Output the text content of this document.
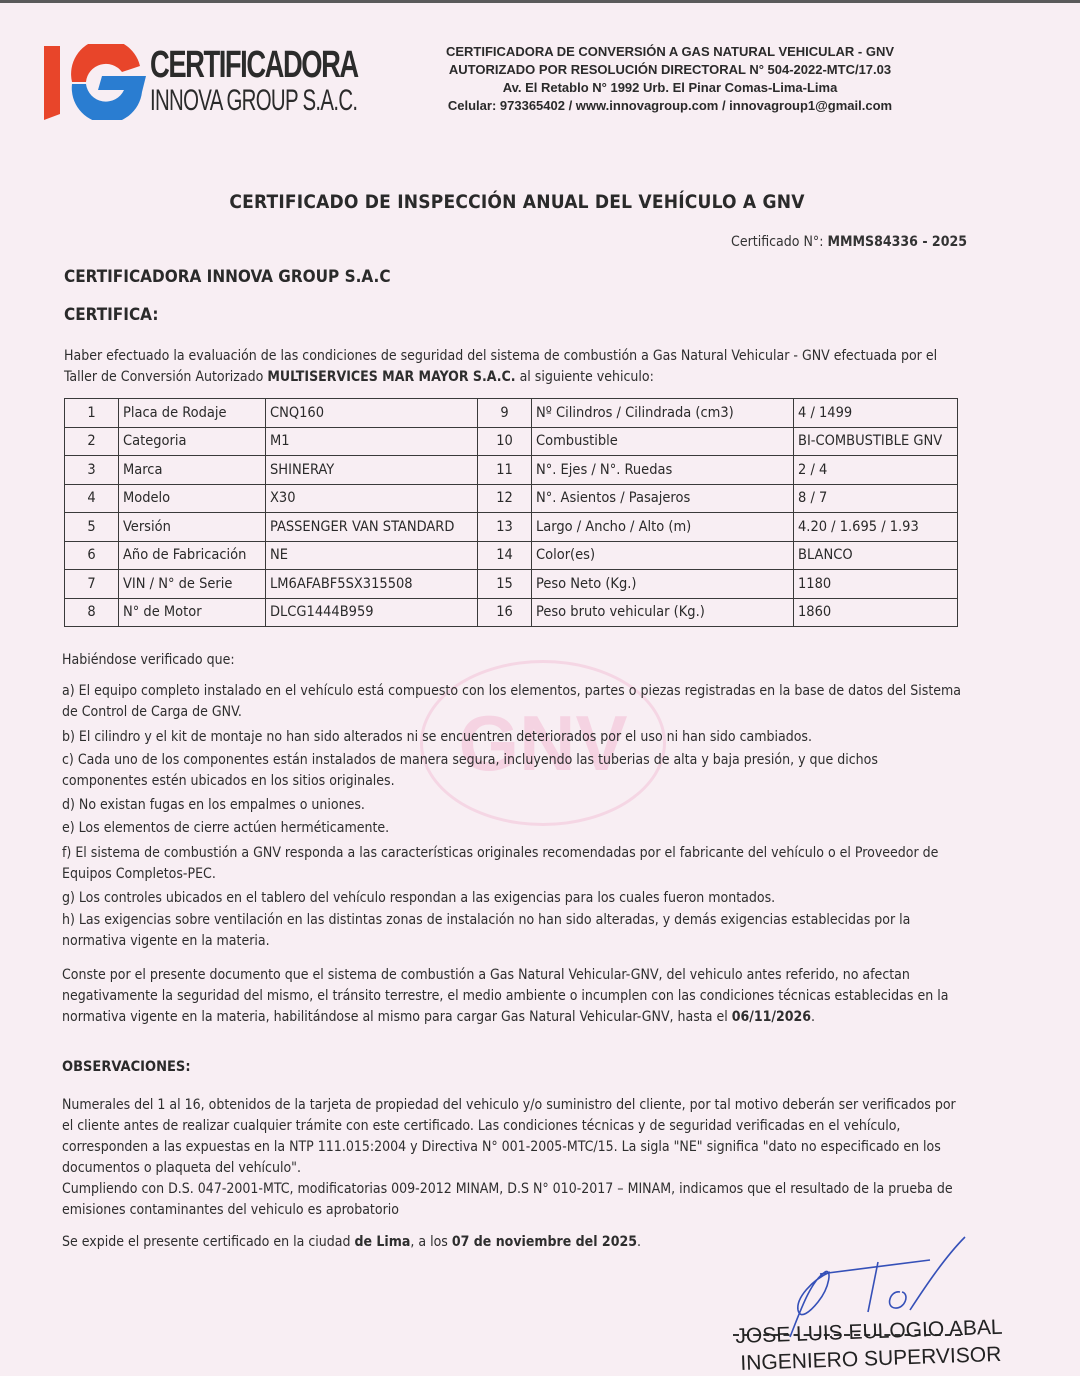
GNV
CERTIFICADORA
INNOVA GROUP S.A.C.
CERTIFICADORA DE CONVERSIÓN A GAS NATURAL VEHICULAR - GNV
AUTORIZADO POR RESOLUCIÓN DIRECTORAL N° 504-2022-MTC/17.03
Av. El Retablo N° 1992 Urb. El Pinar Comas-Lima-Lima
Celular: 973365402 / www.innovagroup.com / innovagroup1@gmail.com
CERTIFICADO DE INSPECCIÓN ANUAL DEL VEHÍCULO A GNV
Certificado N°: MMMS84336 - 2025
CERTIFICADORA INNOVA GROUP S.A.C
CERTIFICA:
Haber efectuado la evaluación de las condiciones de seguridad del sistema de combustión a Gas Natural Vehicular - GNV efectuada por el Taller de Conversión Autorizado MULTISERVICES MAR MAYOR S.A.C. al siguiente vehiculo:
1	Placa de Rodaje	CNQ160	9	Nº Cilindros / Cilindrada (cm3)	4 / 1499
2	Categoria	M1	10	Combustible	BI-COMBUSTIBLE GNV
3	Marca	SHINERAY	11	N°. Ejes / N°. Ruedas	2 / 4
4	Modelo	X30	12	N°. Asientos / Pasajeros	8 / 7
5	Versión	PASSENGER VAN STANDARD	13	Largo / Ancho / Alto (m)	4.20 / 1.695 / 1.93
6	Año de Fabricación	NE	14	Color(es)	BLANCO
7	VIN / N° de Serie	LM6AFABF5SX315508	15	Peso Neto (Kg.)	1180
8	N° de Motor	DLCG1444B959	16	Peso bruto vehicular (Kg.)	1860
Habiéndose verificado que:
a) El equipo completo instalado en el vehículo está compuesto con los elementos, partes o piezas registradas en la base de datos del Sistema de Control de Carga de GNV.
b) El cilindro y el kit de montaje no han sido alterados ni se encuentren deteriorados por el uso ni han sido cambiados.
c) Cada uno de los componentes están instalados de manera segura, incluyendo las tuberias de alta y baja presión, y que dichos componentes estén ubicados en los sitios originales.
d) No existan fugas en los empalmes o uniones.
e) Los elementos de cierre actúen herméticamente.
f) El sistema de combustión a GNV responda a las características originales recomendadas por el fabricante del vehículo o el Proveedor de Equipos Completos-PEC.
g) Los controles ubicados en el tablero del vehículo respondan a las exigencias para los cuales fueron montados.
h) Las exigencias sobre ventilación en las distintas zonas de instalación no han sido alteradas, y demás exigencias establecidas por la normativa vigente en la materia.
Conste por el presente documento que el sistema de combustión a Gas Natural Vehicular-GNV, del vehiculo antes referido, no afectan negativamente la seguridad del mismo, el tránsito terrestre, el medio ambiente o incumplen con las condiciones técnicas establecidas en la normativa vigente en la materia, habilitándose al mismo para cargar Gas Natural Vehicular-GNV, hasta el 06/11/2026.
OBSERVACIONES:
Numerales del 1 al 16, obtenidos de la tarjeta de propiedad del vehiculo y/o suministro del cliente, por tal motivo deberán ser verificados por el cliente antes de realizar cualquier trámite con este certificado. Las condiciones técnicas y de seguridad verificadas en el vehículo, corresponden a las expuestas en la NTP 111.015:2004 y Directiva N° 001-2005-MTC/15. La sigla "NE" significa "dato no especificado en los documentos o plaqueta del vehículo".
Cumpliendo con D.S. 047-2001-MTC, modificatorias 009-2012 MINAM, D.S N° 010-2017 – MINAM, indicamos que el resultado de la prueba de emisiones contaminantes del vehiculo es aprobatorio
Se expide el presente certificado en la ciudad de Lima, a los 07 de noviembre del 2025.
JOSE LUIS EULOGIO ABAL
INGENIERO SUPERVISOR
